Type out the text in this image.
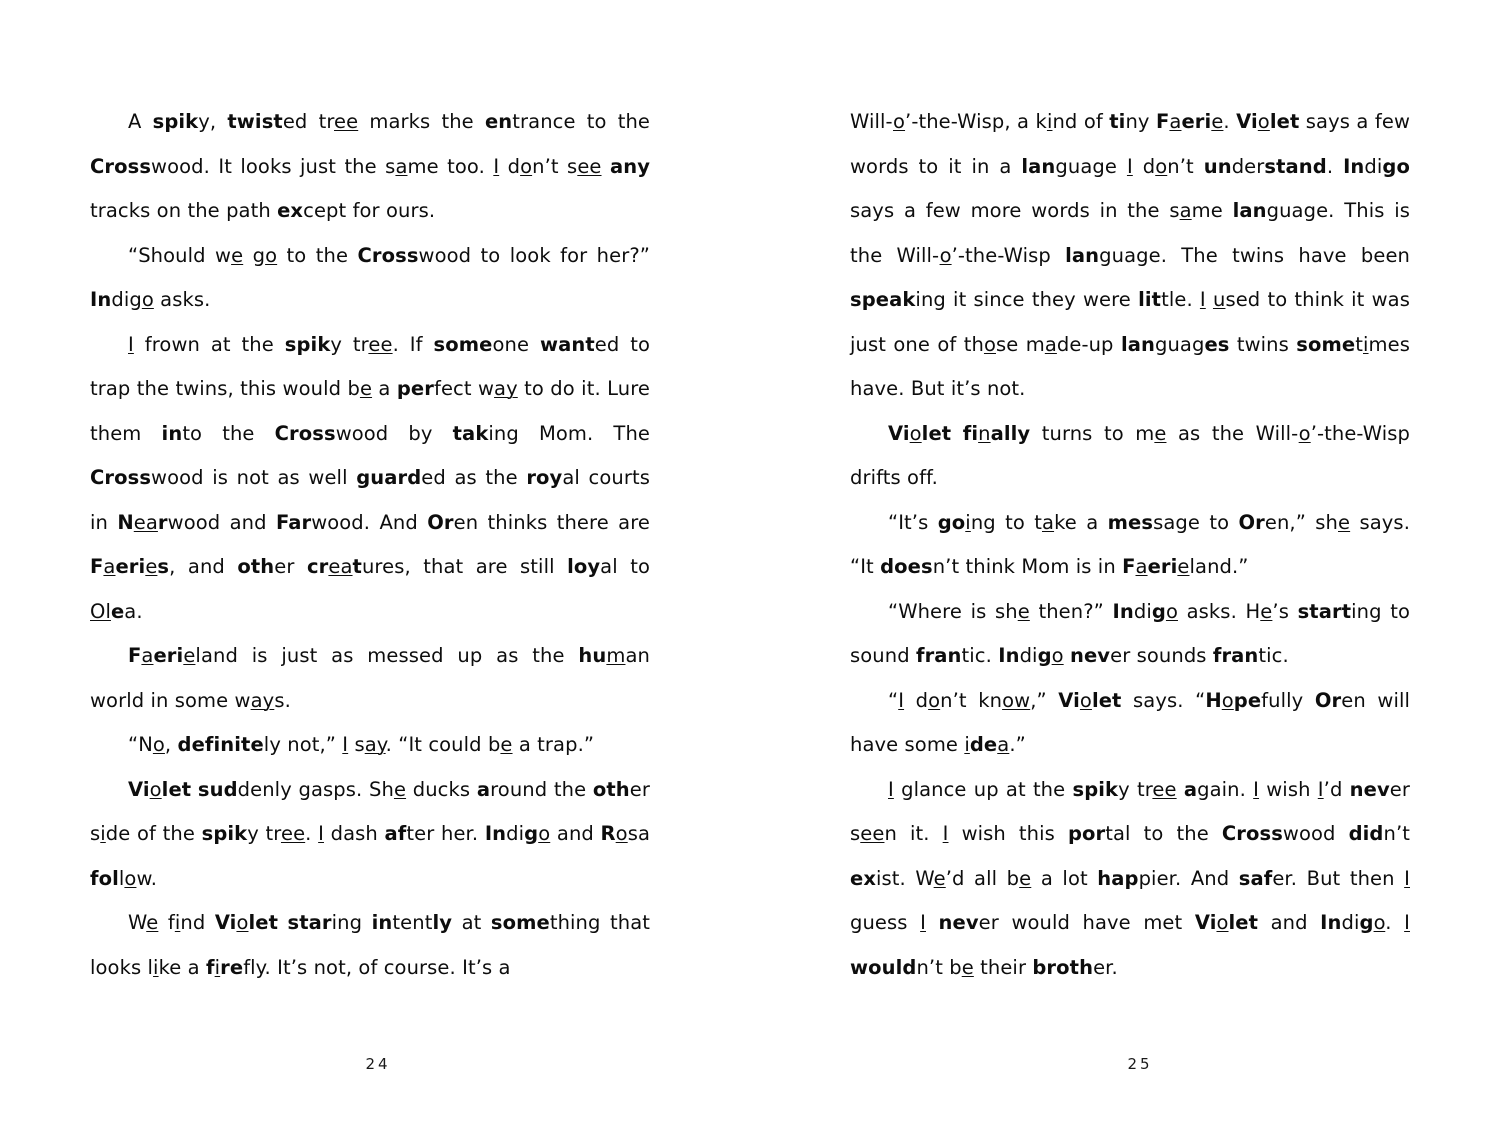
A spiky, twisted tree marks the entrance to the Crosswood. It looks just the same too. I don’t see any tracks on the path except for ours.

“Should we go to the Crosswood to look for her?” Indigo asks.

I frown at the spiky tree. If someone wanted to trap the twins, this would be a perfect way to do it. Lure them into the Crosswood by taking Mom. The Crosswood is not as well guarded as the royal courts in Nearwood and Farwood. And Oren thinks there are Faeries, and other creatures, that are still loyal to Olea.

Faerieland is just as messed up as the human world in some ways.

“No, definitely not,” I say. “It could be a trap.”

Violet suddenly gasps. She ducks around the other side of the spiky tree. I dash after her. Indigo and Rosa follow.

We find Violet staring intently at something that looks like a firefly. It’s not, of course. It’s a

24

Will-o’-the-Wisp, a kind of tiny Faerie. Violet says a few words to it in a language I don’t understand. Indigo says a few more words in the same language. This is the Will-o’-the-Wisp language. The twins have been speaking it since they were little. I used to think it was just one of those made-up languages twins sometimes have. But it’s not.

Violet finally turns to me as the Will-o’-the-Wisp drifts off.

“It’s going to take a message to Oren,” she says. “It doesn’t think Mom is in Faerieland.”

“Where is she then?” Indigo asks. He’s starting to sound frantic. Indigo never sounds frantic.

“I don’t know,” Violet says. “Hopefully Oren will have some idea.”

I glance up at the spiky tree again. I wish I’d never seen it. I wish this portal to the Crosswood didn’t exist. We’d all be a lot happier. And safer. But then I guess I never would have met Violet and Indigo. I wouldn’t be their brother.

25
